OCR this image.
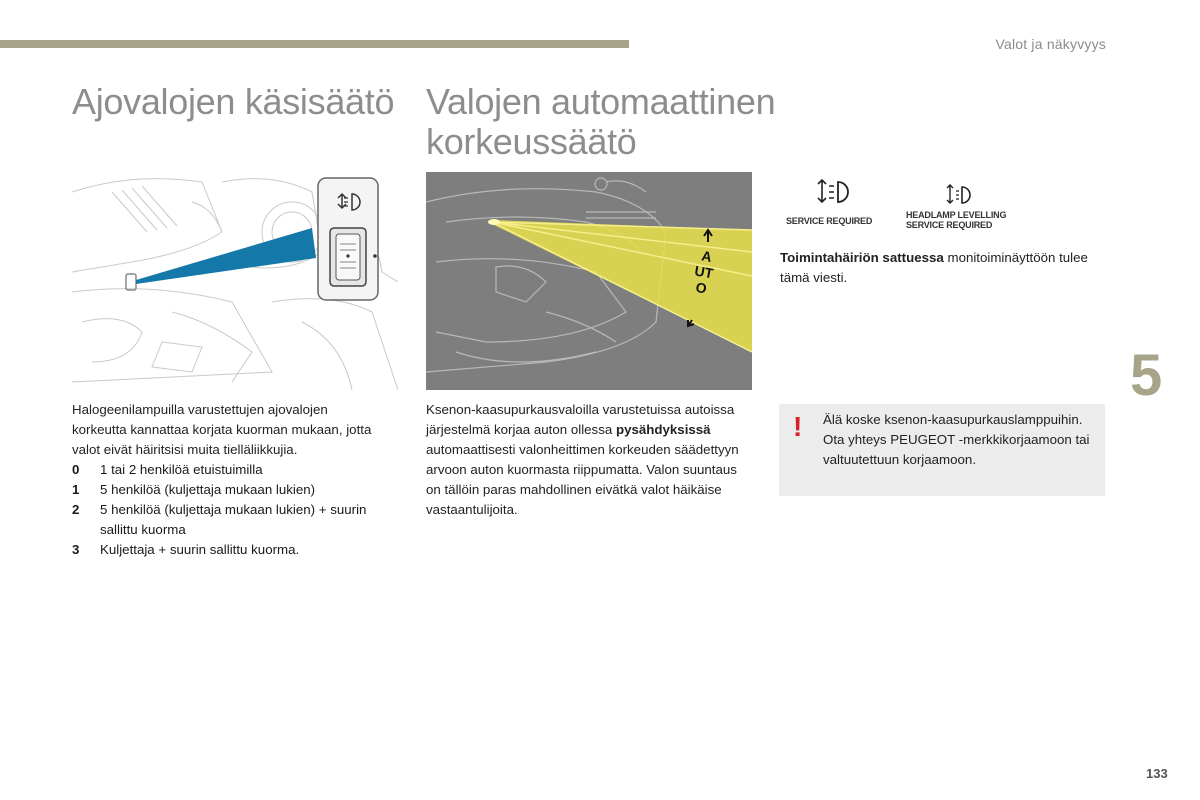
Valot ja näkyvyys
Ajovalojen käsisäätö
Halogeenilampuilla varustettujen ajovalojen korkeutta kannattaa korjata kuorman mukaan, jotta valot eivät häiritsisi muita tielläliikkujia.
0	1 tai 2 henkilöä etuistuimilla
1	5 henkilöä (kuljettaja mukaan lukien)
2	5 henkilöä (kuljettaja mukaan lukien) + suurin sallittu kuorma
3	Kuljettaja + suurin sallittu kuorma.
Valojen automaattinen
korkeussäätö
AUTO
Ksenon-kaasupurkausvaloilla varustetuissa autoissa järjestelmä korjaa auton ollessa pysähdyksissä automaattisesti valonheittimen korkeuden säädettyyn arvoon auton kuormasta riippumatta. Valon suuntaus on tällöin paras mahdollinen eivätkä valot häikäise vastaantulijoita.
SERVICE REQUIRED
HEADLAMP LEVELLING
SERVICE REQUIRED
Toimintahäiriön sattuessa monitoiminäyttöön tulee tämä viesti.
! Älä koske ksenon-kaasupurkauslamppuihin. Ota yhteys PEUGEOT -merkkikorjaamoon tai valtuutettuun korjaamoon.
5
133
